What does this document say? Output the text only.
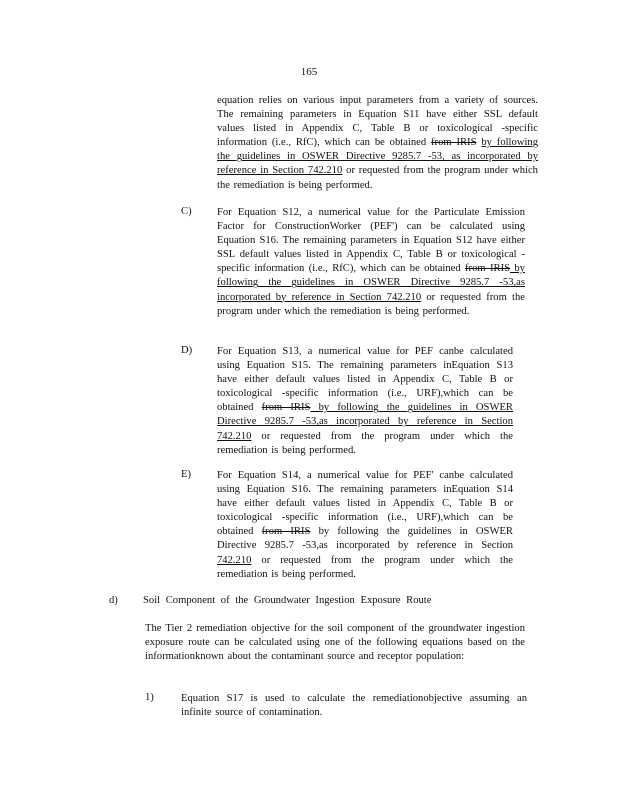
165

equation relies on various input parameters from a variety of sources. The remaining parameters in Equation S11 have either SSL default values listed in Appendix C, Table B or toxicological -specific information (i.e., RfC), which can be obtained from IRIS by following the guidelines in OSWER Directive 9285.7 -53, as incorporated by reference in Section 742.210 or requested from the program under which the remediation is being performed.

C) For Equation S12, a numerical value for the Particulate Emission Factor for ConstructionWorker (PEF') can be calculated using Equation S16. The remaining parameters in Equation S12 have either SSL default values listed in Appendix C, Table B or toxicological -specific information (i.e., RfC), which can be obtained from IRIS by following the guidelines in OSWER Directive 9285.7 -53,as incorporated by reference in Section 742.210 or requested from the program under which the remediation is being performed.

D) For Equation S13, a numerical value for PEF canbe calculated using Equation S15. The remaining parameters inEquation S13 have either default values listed in Appendix C, Table B or toxicological -specific information (i.e., URF),which can be obtained from IRIS by following the guidelines in OSWER Directive 9285.7 -53,as incorporated by reference in Section 742.210 or requested from the program under which the remediation is being performed.

E) For Equation S14, a numerical value for PEF' canbe calculated using Equation S16. The remaining parameters inEquation S14 have either default values listed in Appendix C, Table B or toxicological -specific information (i.e., URF),which can be obtained from IRIS by following the guidelines in OSWER Directive 9285.7 -53,as incorporated by reference in Section 742.210 or requested from the program under which the remediation is being performed.

d) Soil Component of the Groundwater Ingestion Exposure Route

The Tier 2 remediation objective for the soil component of the groundwater ingestion exposure route can be calculated using one of the following equations based on the informationknown about the contaminant source and receptor population:

1)	Equation S17 is used to calculate the remediationobjective assuming an infinite source of contamination.
